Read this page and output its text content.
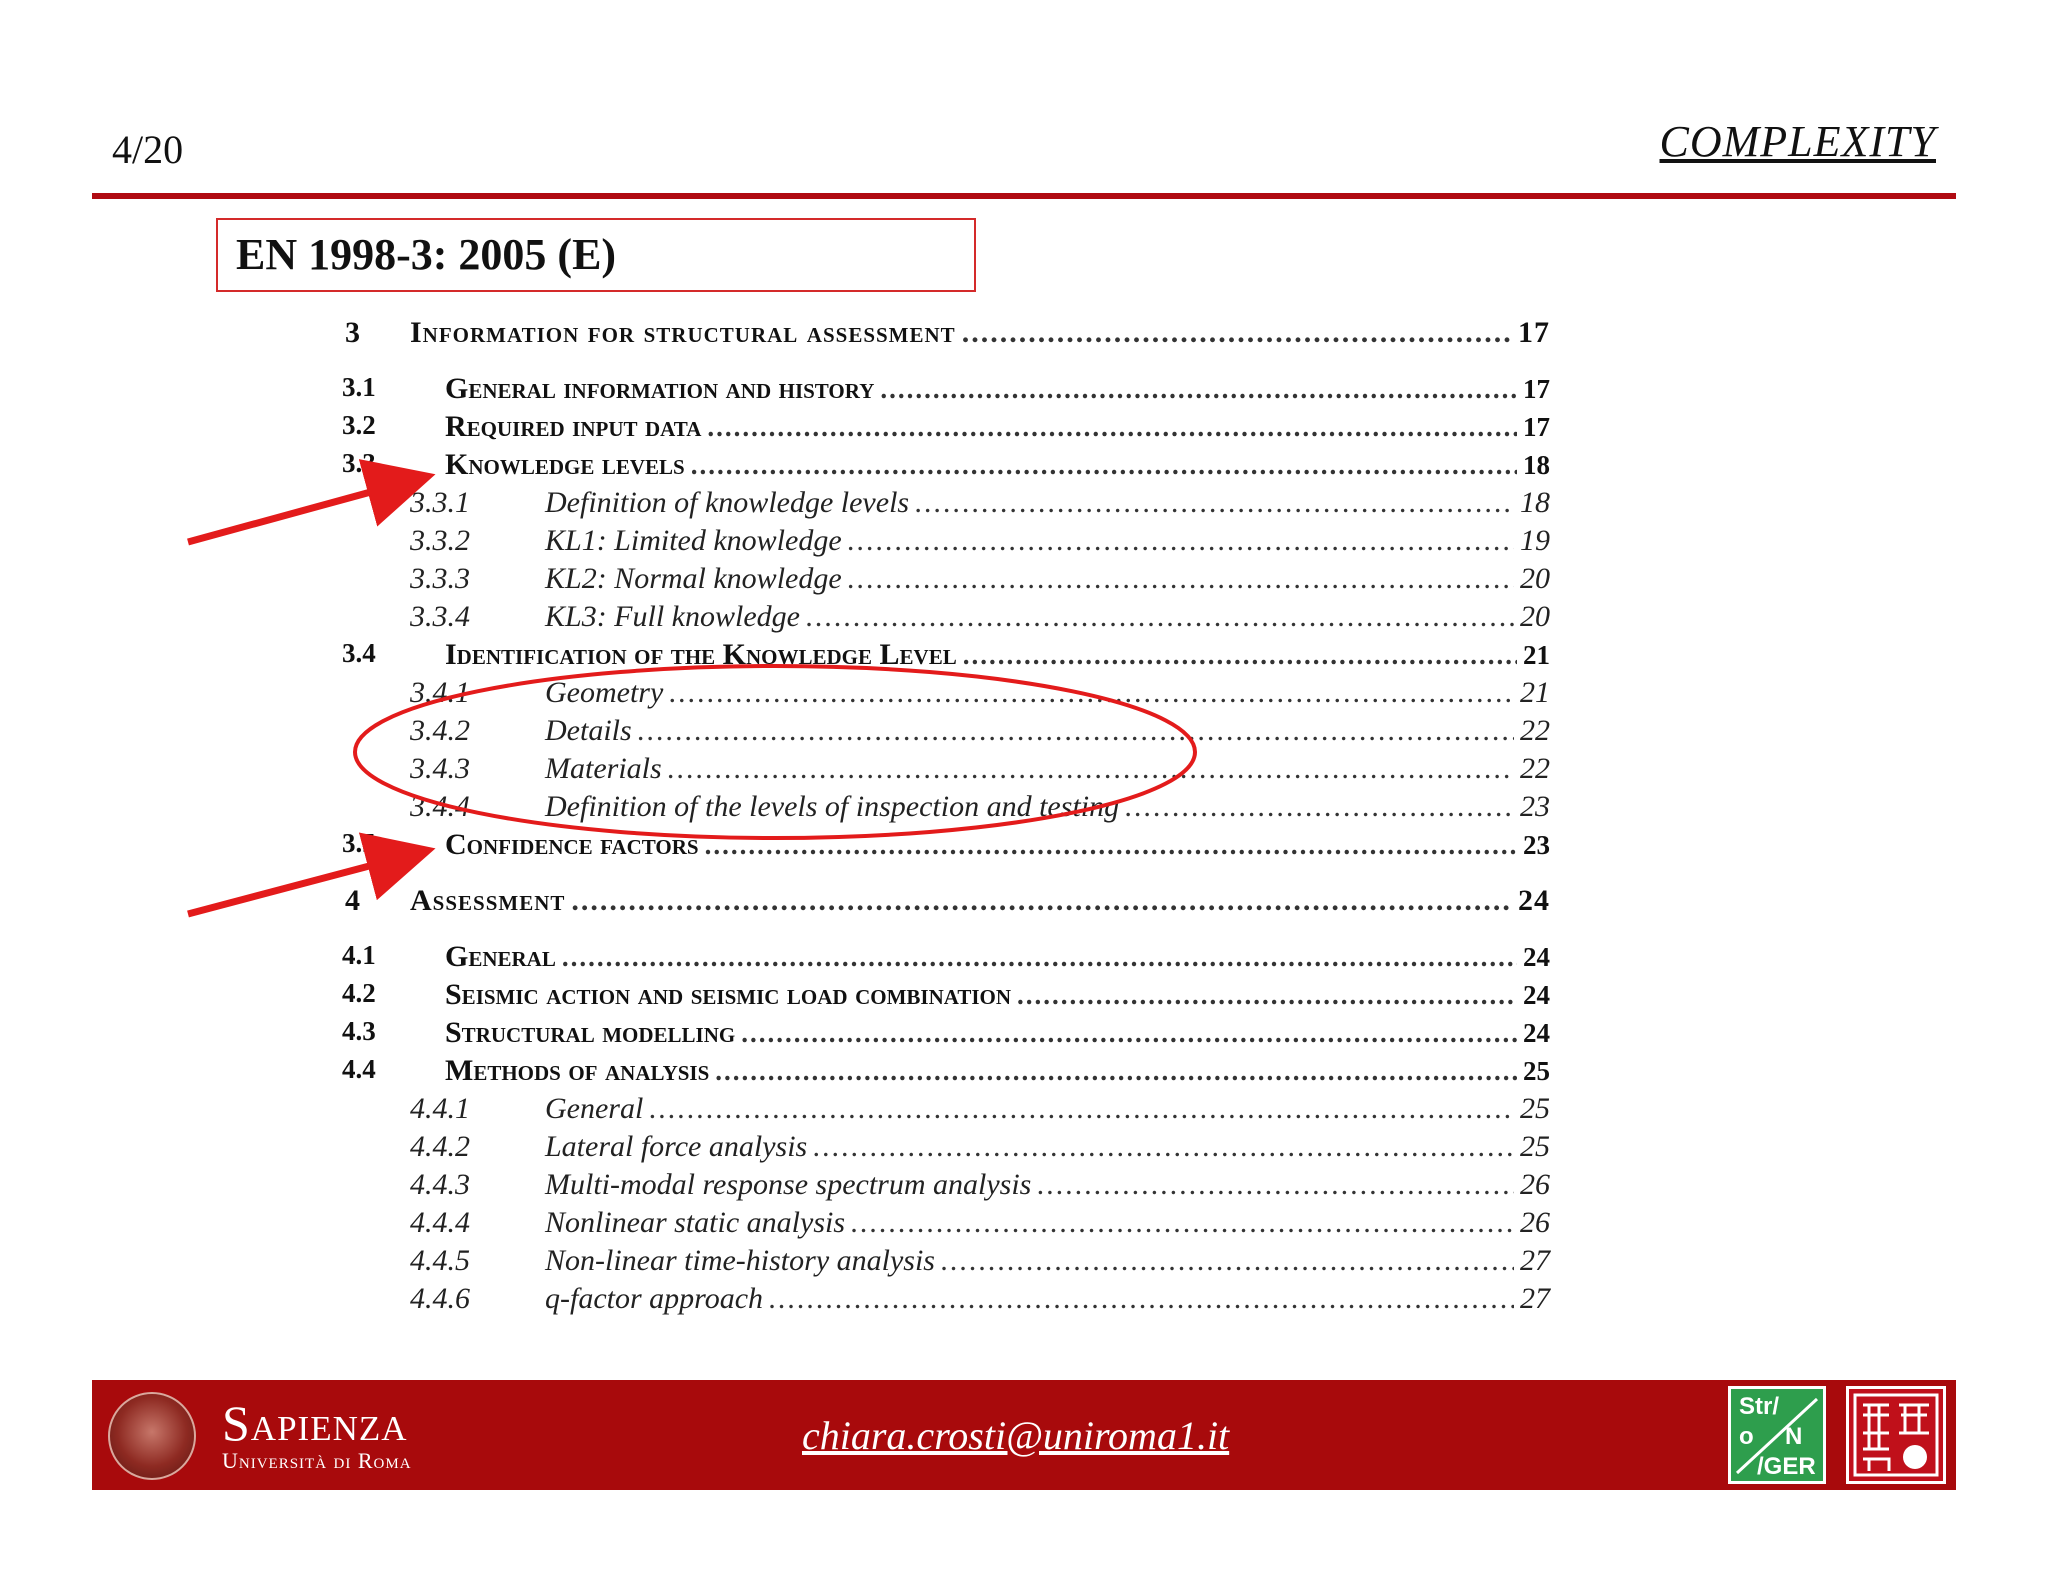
4/20	COMPLEXITY
EN 1998-3: 2005 (E)
3 Information for structural assessment .....	17
3.1 General information and history .....	17
3.2 Required input data .....	17
3.3 Knowledge levels .....	18
3.3.1	Definition of knowledge levels .....	18
3.3.2	KL1: Limited knowledge .....	19
3.3.3	KL2: Normal knowledge .....	20
3.3.4	KL3: Full knowledge .....	20
3.4 Identification of the Knowledge Level .....	21
3.4.1	Geometry .....	21
3.4.2	Details .....	22
3.4.3	Materials .....	22
3.4.4	Definition of the levels of inspection and testing .....	23
3.5 Confidence factors .....	23
4 Assessment .....	24
4.1 General .....	24
4.2 Seismic action and seismic load combination .....	24
4.3 Structural modelling .....	24
4.4 Methods of analysis .....	25
4.4.1	General .....	25
4.4.2	Lateral force analysis .....	25
4.4.3	Multi-modal response spectrum analysis .....	26
4.4.4	Nonlinear static analysis .....	26
4.4.5	Non-linear time-history analysis .....	27
4.4.6	q-factor approach .....	27
Sapienza
Università di Roma
chiara.crosti@uniroma1.it
Str/
o N
/GER
